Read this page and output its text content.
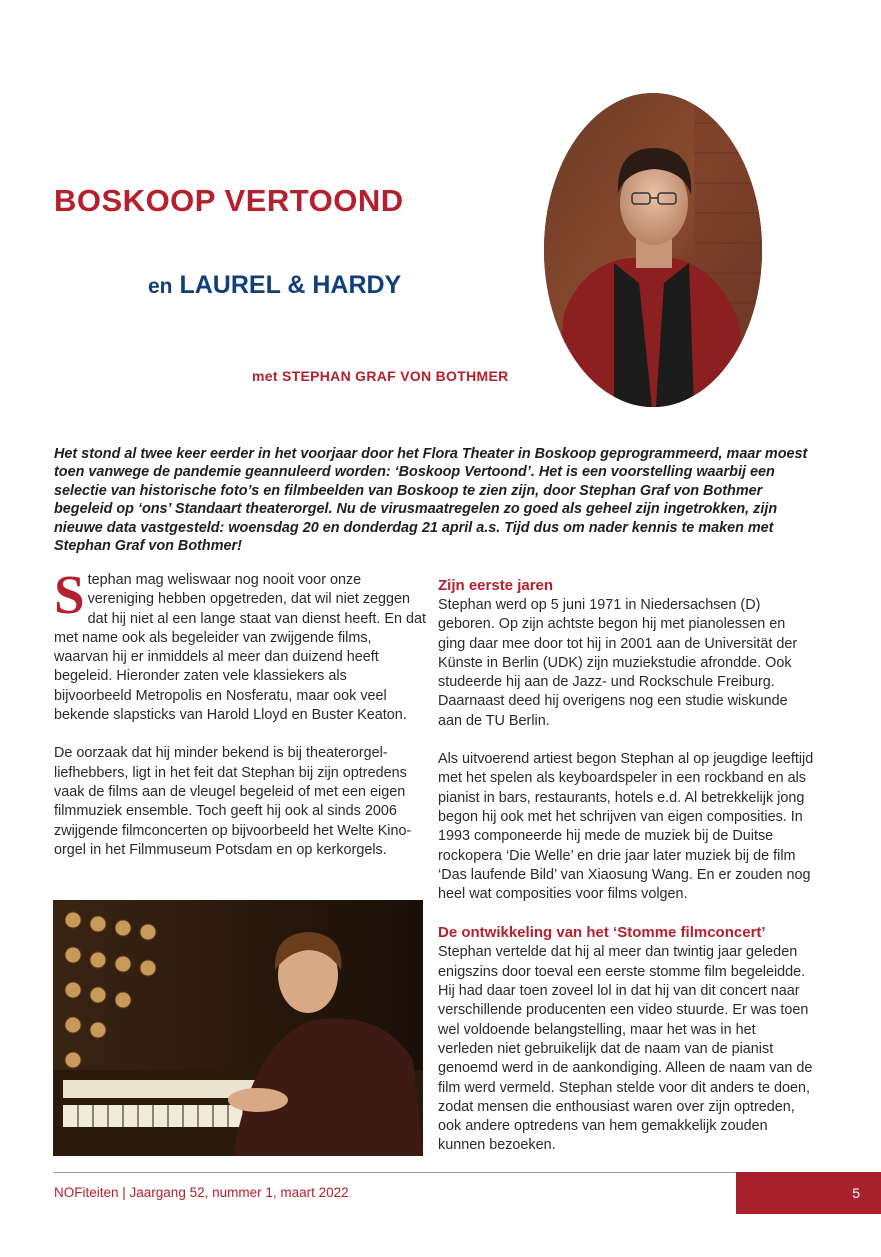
BOSKOOP VERTOOND
en LAUREL & HARDY

met STEPHAN GRAF VON BOTHMER

Het stond al twee keer eerder in het voorjaar door het Flora Theater in Boskoop geprogrammeerd, maar moest toen vanwege de pandemie geannuleerd worden: ‘Boskoop Vertoond’. Het is een voorstelling waarbij een selectie van historische foto’s en filmbeelden van Boskoop te zien zijn, door Stephan Graf von Bothmer begeleid op ‘ons’ Standaart theaterorgel. Nu de virusmaatregelen zo goed als geheel zijn ingetrokken, zijn nieuwe data vastgesteld: woensdag 20 en donderdag 21 april a.s. Tijd dus om nader kennis te maken met Stephan Graf von Bothmer!

Stephan mag weliswaar nog nooit voor onze vereniging hebben opgetreden, dat wil niet zeggen dat hij niet al een lange staat van dienst heeft. En dat met name ook als begeleider van zwijgende films, waarvan hij er inmiddels al meer dan duizend heeft begeleid. Hieronder zaten vele klassiekers als bijvoorbeeld Metropolis en Nosferatu, maar ook veel bekende slapsticks van Harold Lloyd en Buster Keaton.

De oorzaak dat hij minder bekend is bij theaterorgel-liefhebbers, ligt in het feit dat Stephan bij zijn optredens vaak de films aan de vleugel begeleid of met een eigen filmmuziek ensemble. Toch geeft hij ook al sinds 2006 zwijgende filmconcerten op bijvoorbeeld het Welte Kino-orgel in het Filmmuseum Potsdam en op kerkorgels.

Zijn eerste jaren

Stephan werd op 5 juni 1971 in Niedersachsen (D) geboren. Op zijn achtste begon hij met pianolessen en ging daar mee door tot hij in 2001 aan de Universität der Künste in Berlin (UDK) zijn muziekstudie afrondde. Ook studeerde hij aan de Jazz- und Rockschule Freiburg. Daarnaast deed hij overigens nog een studie wiskunde aan de TU Berlin.

Als uitvoerend artiest begon Stephan al op jeugdige leeftijd met het spelen als keyboardspeler in een rockband en als pianist in bars, restaurants, hotels e.d. Al betrekkelijk jong begon hij ook met het schrijven van eigen composities. In 1993 componeerde hij mede de muziek bij de Duitse rockopera ‘Die Welle’ en drie jaar later muziek bij de film ‘Das laufende Bild’ van Xiaosung Wang. En er zouden nog heel wat composities voor films volgen.

De ontwikkeling van het ‘Stomme filmconcert’

Stephan vertelde dat hij al meer dan twintig jaar geleden enigszins door toeval een eerste stomme film begeleidde. Hij had daar toen zoveel lol in dat hij van dit concert naar verschillende producenten een video stuurde. Er was toen wel voldoende belangstelling, maar het was in het verleden niet gebruikelijk dat de naam van de pianist genoemd werd in de aankondiging. Alleen de naam van de film werd vermeld. Stephan stelde voor dit anders te doen, zodat mensen die enthousiast waren over zijn optreden, ook andere optredens van hem gemakkelijk zouden kunnen bezoeken.

NOFiteiten | Jaargang 52, nummer 1, maart 2022	5
